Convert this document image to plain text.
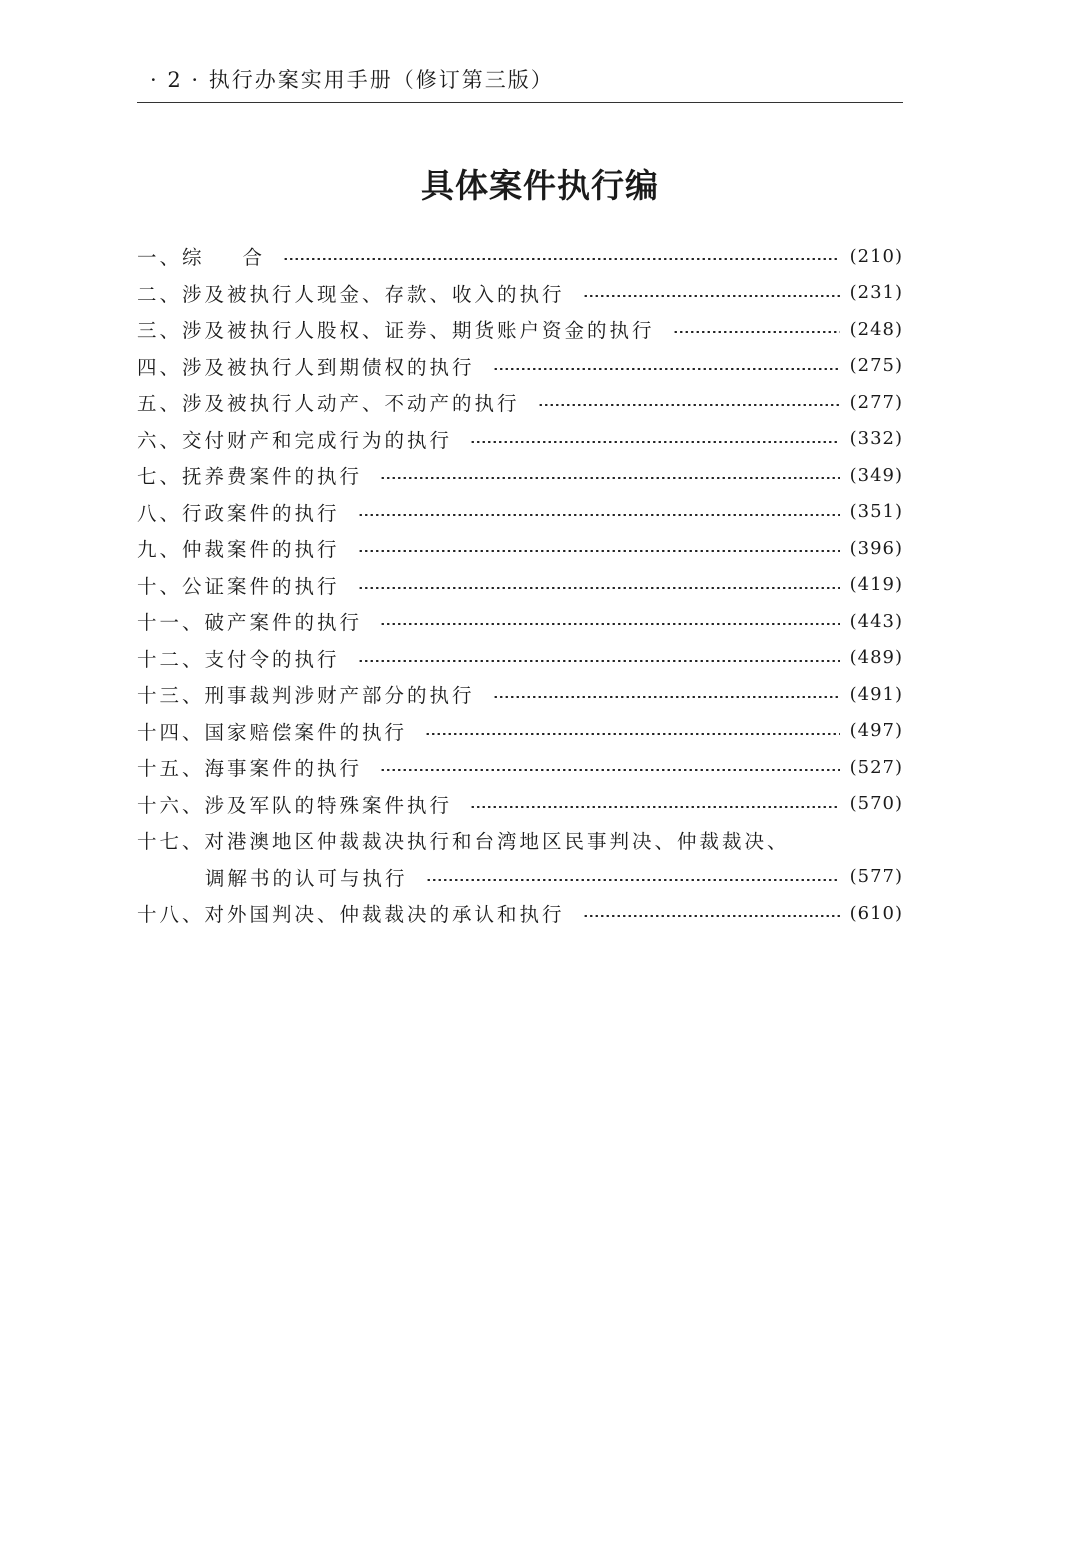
· 2 · 执行办案实用手册（修订第三版）
具体案件执行编
一、综 合	(210)
二、涉及被执行人现金、存款、收入的执行	(231)
三、涉及被执行人股权、证券、期货账户资金的执行	(248)
四、涉及被执行人到期债权的执行	(275)
五、涉及被执行人动产、不动产的执行	(277)
六、交付财产和完成行为的执行	(332)
七、抚养费案件的执行	(349)
八、行政案件的执行	(351)
九、仲裁案件的执行	(396)
十、公证案件的执行	(419)
十一、破产案件的执行	(443)
十二、支付令的执行	(489)
十三、刑事裁判涉财产部分的执行	(491)
十四、国家赔偿案件的执行	(497)
十五、海事案件的执行	(527)
十六、涉及军队的特殊案件执行	(570)
十七、对港澳地区仲裁裁决执行和台湾地区民事判决、仲裁裁决、
调解书的认可与执行	(577)
十八、对外国判决、仲裁裁决的承认和执行	(610)
